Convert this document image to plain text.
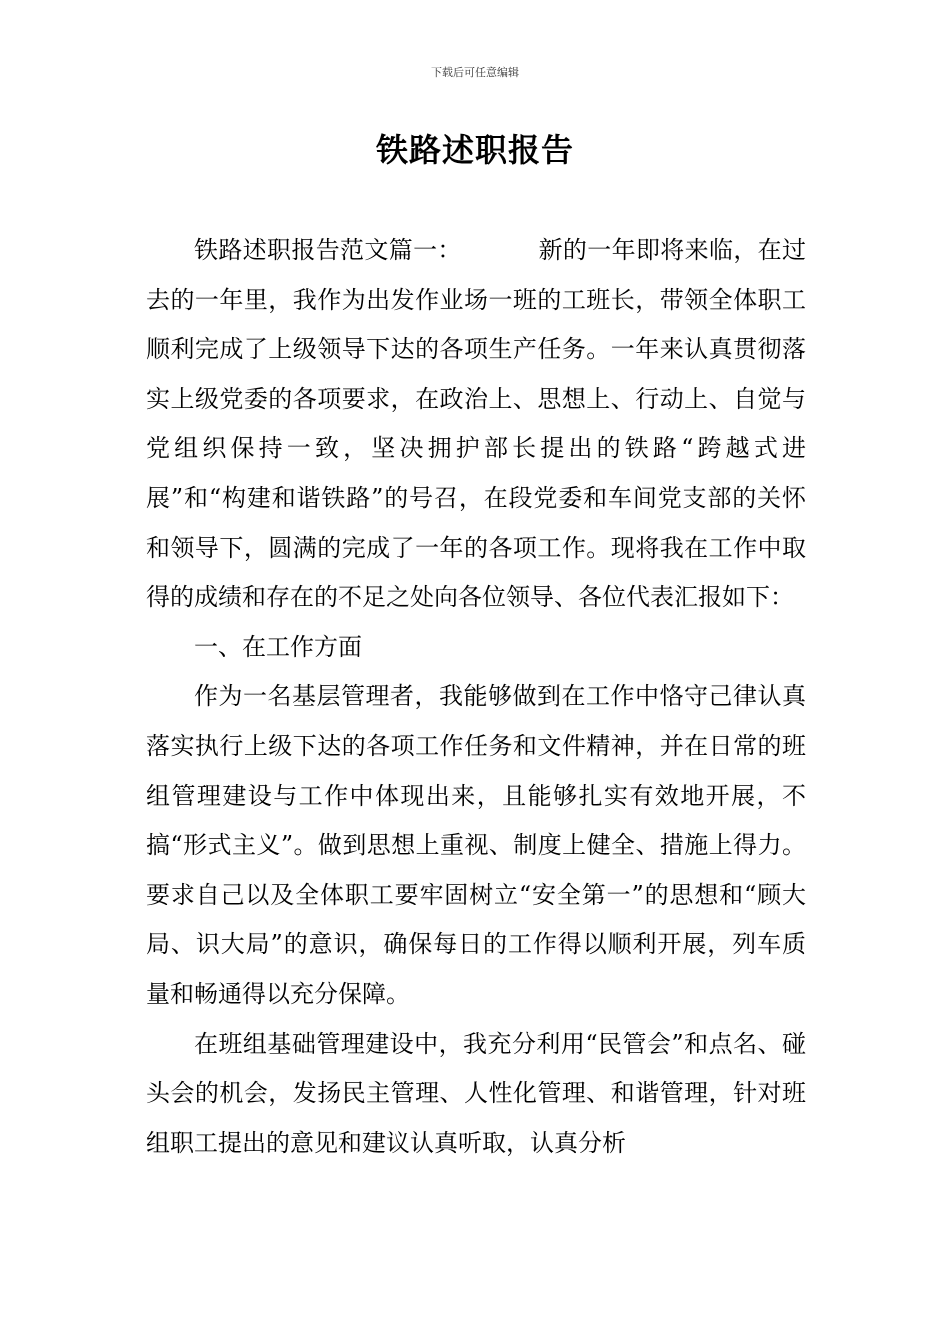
下载后可任意编辑
铁路述职报告

铁路述职报告范文篇一：	新的一年即将来临，在过去的一年里，我作为出发作业场一班的工班长，带领全体职工顺利完成了上级领导下达的各项生产任务。一年来认真贯彻落实上级党委的各项要求，在政治上、思想上、行动上、自觉与党组织保持一致，坚决拥护部长提出的铁路“跨越式进展”和“构建和谐铁路”的号召，在段党委和车间党支部的关怀和领导下，圆满的完成了一年的各项工作。现将我在工作中取得的成绩和存在的不足之处向各位领导、各位代表汇报如下：

一、在工作方面

作为一名基层管理者，我能够做到在工作中恪守己律认真落实执行上级下达的各项工作任务和文件精神，并在日常的班组管理建设与工作中体现出来，且能够扎实有效地开展，不搞“形式主义”。做到思想上重视、制度上健全、措施上得力。要求自己以及全体职工要牢固树立“安全第一”的思想和“顾大局、识大局”的意识，确保每日的工作得以顺利开展，列车质量和畅通得以充分保障。

在班组基础管理建设中，我充分利用“民管会”和点名、碰头会的机会，发扬民主管理、人性化管理、和谐管理，针对班组职工提出的意见和建议认真听取，认真分析
